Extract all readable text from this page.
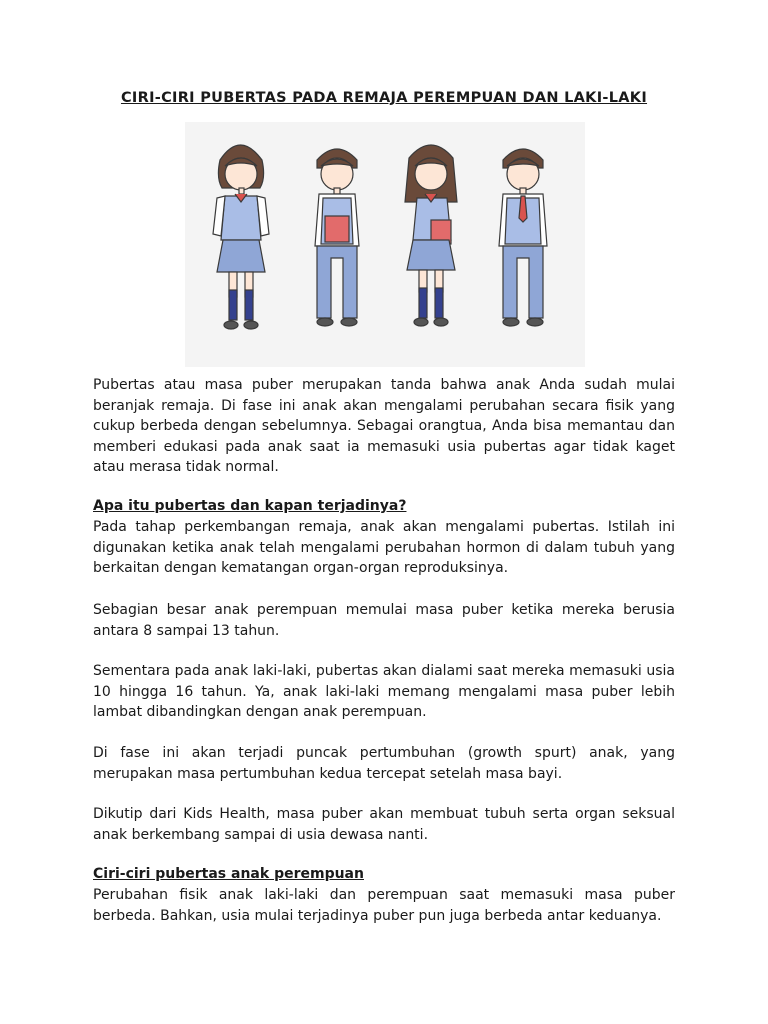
CIRI-CIRI PUBERTAS PADA REMAJA PEREMPUAN DAN LAKI-LAKI
Pubertas atau masa puber merupakan tanda bahwa anak Anda sudah mulai beranjak remaja. Di fase ini anak akan mengalami perubahan secara fisik yang cukup berbeda dengan sebelumnya. Sebagai orangtua, Anda bisa memantau dan memberi edukasi pada anak saat ia memasuki usia pubertas agar tidak kaget atau merasa tidak normal.
Apa itu pubertas dan kapan terjadinya?
Pada tahap perkembangan remaja, anak akan mengalami pubertas. Istilah ini digunakan ketika anak telah mengalami perubahan hormon di dalam tubuh yang berkaitan dengan kematangan organ-organ reproduksinya.
Sebagian besar anak perempuan memulai masa puber ketika mereka berusia antara 8 sampai 13 tahun.
Sementara pada anak laki-laki, pubertas akan dialami saat mereka memasuki usia 10 hingga 16 tahun. Ya, anak laki-laki memang mengalami masa puber lebih lambat dibandingkan dengan anak perempuan.
Di fase ini akan terjadi puncak pertumbuhan (growth spurt) anak, yang merupakan masa pertumbuhan kedua tercepat setelah masa bayi.
Dikutip dari Kids Health, masa puber akan membuat tubuh serta organ seksual anak berkembang sampai di usia dewasa nanti.
Ciri-ciri pubertas anak perempuan
Perubahan fisik anak laki-laki dan perempuan saat memasuki masa puber berbeda. Bahkan, usia mulai terjadinya puber pun juga berbeda antar keduanya.
